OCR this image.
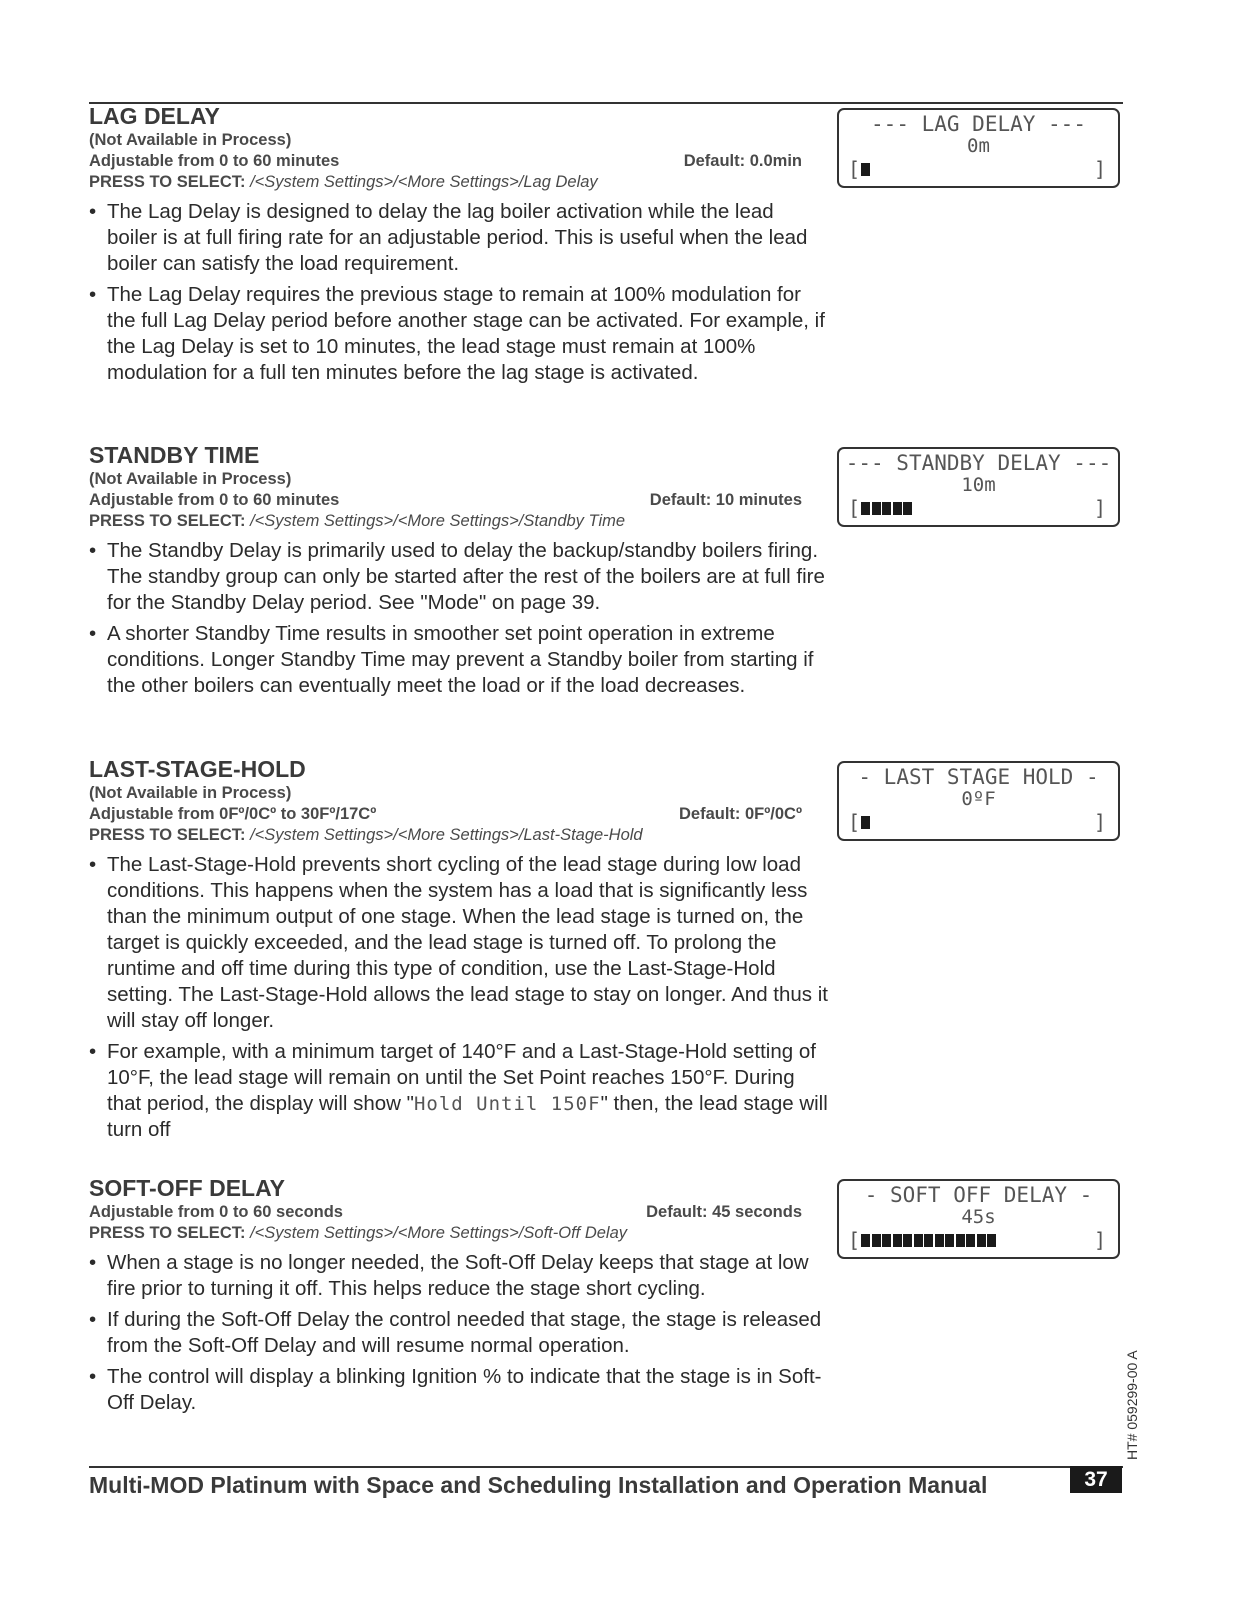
LAG DELAY
(Not Available in Process)
Adjustable from 0 to 60 minutes	Default: 0.0min
PRESS TO SELECT: /<System Settings>/<More Settings>/Lag Delay
• The Lag Delay is designed to delay the lag boiler activation while the lead boiler is at full firing rate for an adjustable period. This is useful when the lead boiler can satisfy the load requirement.
• The Lag Delay requires the previous stage to remain at 100% modulation for the full Lag Delay period before another stage can be activated. For example, if the Lag Delay is set to 10 minutes, the lead stage must remain at 100% modulation for a full ten minutes before the lag stage is activated.
--- LAG DELAY ---
0m
[	]
STANDBY TIME
(Not Available in Process)
Adjustable from 0 to 60 minutes	Default: 10 minutes
PRESS TO SELECT: /<System Settings>/<More Settings>/Standby Time
• The Standby Delay is primarily used to delay the backup/standby boilers firing. The standby group can only be started after the rest of the boilers are at full fire for the Standby Delay period. See "Mode" on page 39.
• A shorter Standby Time results in smoother set point operation in extreme conditions. Longer Standby Time may prevent a Standby boiler from starting if the other boilers can eventually meet the load or if the load decreases.
--- STANDBY DELAY ---
10m
[	]
LAST-STAGE-HOLD
(Not Available in Process)
Adjustable from 0Fº/0Cº to 30Fº/17Cº	Default: 0Fº/0Cº
PRESS TO SELECT: /<System Settings>/<More Settings>/Last-Stage-Hold
• The Last-Stage-Hold prevents short cycling of the lead stage during low load conditions. This happens when the system has a load that is significantly less than the minimum output of one stage. When the lead stage is turned on, the target is quickly exceeded, and the lead stage is turned off. To prolong the runtime and off time during this type of condition, use the Last-Stage-Hold setting. The Last-Stage-Hold allows the lead stage to stay on longer. And thus it will stay off longer.
• For example, with a minimum target of 140°F and a Last-Stage-Hold setting of 10°F, the lead stage will remain on until the Set Point reaches 150°F. During that period, the display will show "Hold Until 150F" then, the lead stage will turn off
- LAST STAGE HOLD -
0ºF
[	]
SOFT-OFF DELAY
Adjustable from 0 to 60 seconds	Default: 45 seconds
PRESS TO SELECT: /<System Settings>/<More Settings>/Soft-Off Delay
• When a stage is no longer needed, the Soft-Off Delay keeps that stage at low fire prior to turning it off. This helps reduce the stage short cycling.
• If during the Soft-Off Delay the control needed that stage, the stage is released from the Soft-Off Delay and will resume normal operation.
• The control will display a blinking Ignition % to indicate that the stage is in Soft-Off Delay.
- SOFT OFF DELAY -
45s
[	]
HT# 059299-00 A
Multi-MOD Platinum with Space and Scheduling Installation and Operation Manual	37
